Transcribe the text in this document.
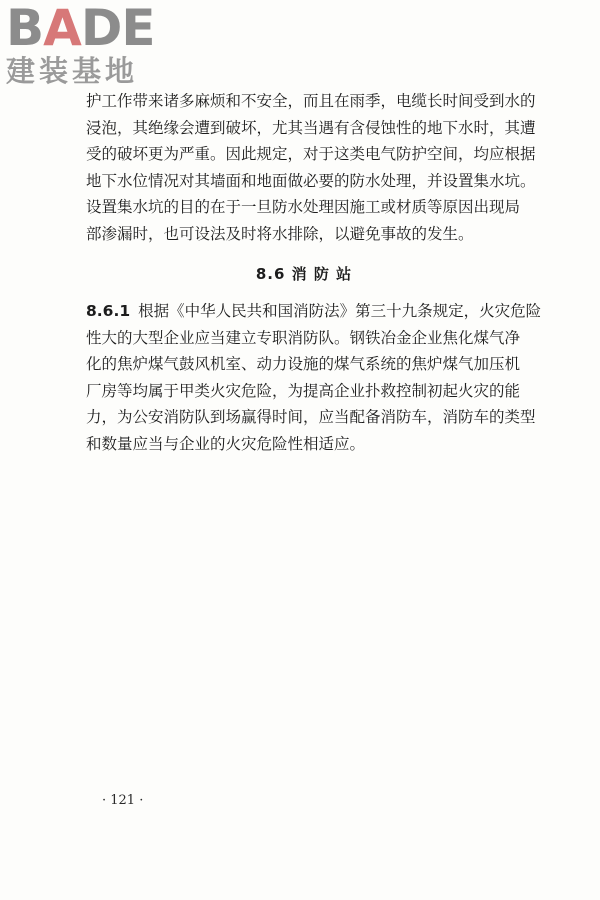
BADE
建装基地

护工作带来诸多麻烦和不安全，而且在雨季，电缆长时间受到水的
浸泡，其绝缘会遭到破坏，尤其当遇有含侵蚀性的地下水时，其遭
受的破坏更为严重。因此规定，对于这类电气防护空间，均应根据
地下水位情况对其墙面和地面做必要的防水处理，并设置集水坑。
设置集水坑的目的在于一旦防水处理因施工或材质等原因出现局
部渗漏时，也可设法及时将水排除，以避免事故的发生。

8.6 消 防 站

8.6.1 根据《中华人民共和国消防法》第三十九条规定，火灾危险
性大的大型企业应当建立专职消防队。钢铁冶金企业焦化煤气净
化的焦炉煤气鼓风机室、动力设施的煤气系统的焦炉煤气加压机
厂房等均属于甲类火灾危险，为提高企业扑救控制初起火灾的能
力，为公安消防队到场赢得时间，应当配备消防车，消防车的类型
和数量应当与企业的火灾危险性相适应。

· 121 ·
